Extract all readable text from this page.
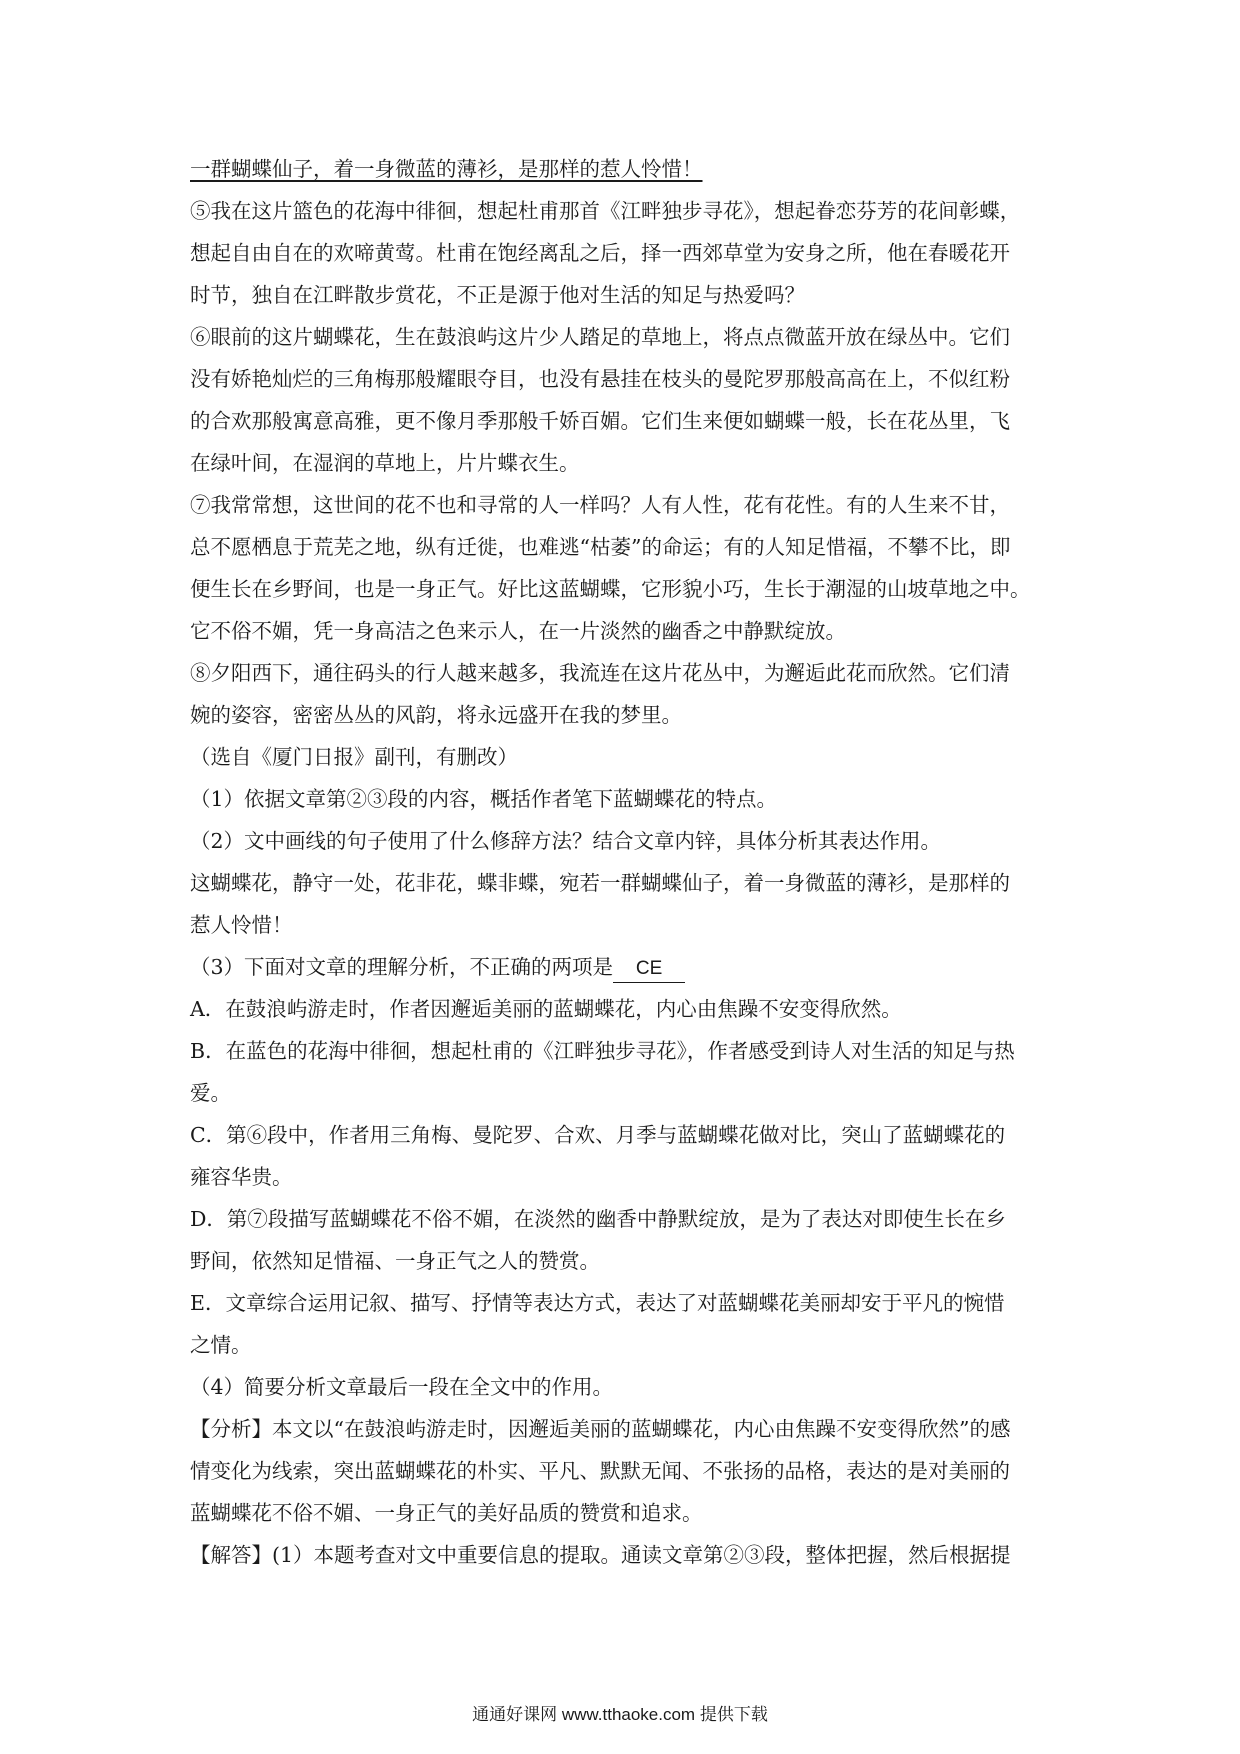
一群蝴蝶仙子，着一身微蓝的薄衫，是那样的惹人怜惜！
⑤我在这片篮色的花海中徘徊，想起杜甫那首《江畔独步寻花》，想起眷恋芬芳的花间彰蝶，
想起自由自在的欢啼黄莺。杜甫在饱经离乱之后，择一西郊草堂为安身之所，他在春暖花开
时节，独自在江畔散步赏花，不正是源于他对生活的知足与热爱吗？
⑥眼前的这片蝴蝶花，生在鼓浪屿这片少人踏足的草地上，将点点微蓝开放在绿丛中。它们
没有娇艳灿烂的三角梅那般耀眼夺目，也没有悬挂在枝头的曼陀罗那般高高在上，不似红粉
的合欢那般寓意高雅，更不像月季那般千娇百媚。它们生来便如蝴蝶一般，长在花丛里，飞
在绿叶间，在湿润的草地上，片片蝶衣生。
⑦我常常想，这世间的花不也和寻常的人一样吗？人有人性，花有花性。有的人生来不甘，
总不愿栖息于荒芜之地，纵有迁徙，也难逃“枯萎”的命运；有的人知足惜福，不攀不比，即
便生长在乡野间，也是一身正气。好比这蓝蝴蝶，它形貌小巧，生长于潮湿的山坡草地之中。
它不俗不媚，凭一身高洁之色来示人，在一片淡然的幽香之中静默绽放。
⑧夕阳西下，通往码头的行人越来越多，我流连在这片花丛中，为邂逅此花而欣然。它们清
婉的姿容，密密丛丛的风韵，将永远盛开在我的梦里。
（选自《厦门日报》副刊，有删改）
（1）依据文章第②③段的内容，概括作者笔下蓝蝴蝶花的特点。
（2）文中画线的句子使用了什么修辞方法？结合文章内锌，具体分析其表达作用。
这蝴蝶花，静守一处，花非花，蝶非蝶，宛若一群蝴蝶仙子，着一身微蓝的薄衫，是那样的
惹人怜惜！
（3）下面对文章的理解分析，不正确的两项是 CE
A．在鼓浪屿游走时，作者因邂逅美丽的蓝蝴蝶花，内心由焦躁不安变得欣然。
B．在蓝色的花海中徘徊，想起杜甫的《江畔独步寻花》，作者感受到诗人对生活的知足与热
爱。
C．第⑥段中，作者用三角梅、曼陀罗、合欢、月季与蓝蝴蝶花做对比，突山了蓝蝴蝶花的
雍容华贵。
D．第⑦段描写蓝蝴蝶花不俗不媚，在淡然的幽香中静默绽放，是为了表达对即使生长在乡
野间，依然知足惜福、一身正气之人的赞赏。
E．文章综合运用记叙、描写、抒情等表达方式，表达了对蓝蝴蝶花美丽却安于平凡的惋惜
之情。
（4）简要分析文章最后一段在全文中的作用。
【分析】本文以“在鼓浪屿游走时，因邂逅美丽的蓝蝴蝶花，内心由焦躁不安变得欣然”的感
情变化为线索，突出蓝蝴蝶花的朴实、平凡、默默无闻、不张扬的品格，表达的是对美丽的
蓝蝴蝶花不俗不媚、一身正气的美好品质的赞赏和追求。
【解答】(1）本题考查对文中重要信息的提取。通读文章第②③段，整体把握，然后根据提
通通好课网 www.tthaoke.com 提供下载
